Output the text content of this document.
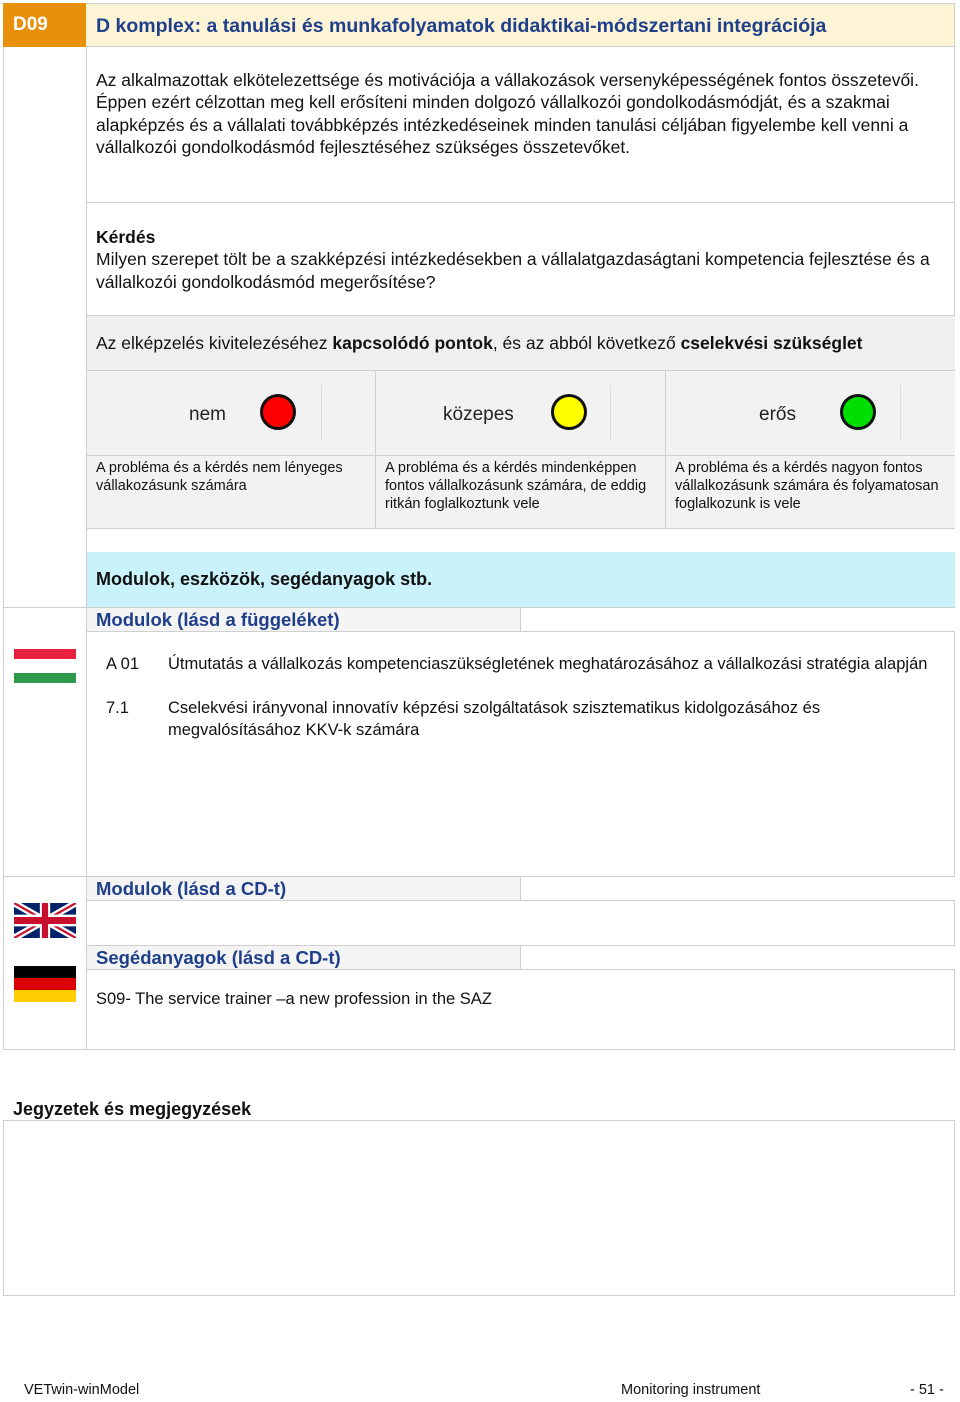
D09	D komplex: a tanulási és munkafolyamatok didaktikai-módszertani integrációja
Az alkalmazottak elkötelezettsége és motivációja a vállakozások versenyképességének fontos összetevői. Éppen ezért célzottan meg kell erősíteni minden dolgozó vállalkozói gondolkodásmódját, és a szakmai alapképzés és a vállalati továbbképzés intézkedéseinek minden tanulási céljában figyelembe kell venni a vállalkozói gondolkodásmód fejlesztéséhez szükséges összetevőket.
Kérdés
Milyen szerepet tölt be a szakképzési intézkedésekben a vállalatgazdaságtani kompetencia fejlesztése és a vállalkozói gondolkodásmód megerősítése?
Az elképzelés kivitelezéséhez kapcsolódó pontok, és az abból következő cselekvési szükséglet
nem	közepes	erős
A probléma és a kérdés nem lényeges vállakozásunk számára
A probléma és a kérdés mindenképpen fontos vállalkozásunk számára, de eddig ritkán foglalkoztunk vele
A probléma és a kérdés nagyon fontos vállalkozásunk számára és folyamatosan foglalkozunk is vele
Modulok, eszközök, segédanyagok stb.
Modulok (lásd a függeléket)
A 01 Útmutatás a vállalkozás kompetenciaszükségletének meghatározásához a vállalkozási stratégia alapján
7.1 Cselekvési irányvonal innovatív képzési szolgáltatások szisztematikus kidolgozásához és megvalósításához KKV-k számára
Modulok (lásd a CD-t)
Segédanyagok (lásd a CD-t)
S09- The service trainer –a new profession in the SAZ
Jegyzetek és megjegyzések
VETwin-winModel	Monitoring instrument	- 51 -
